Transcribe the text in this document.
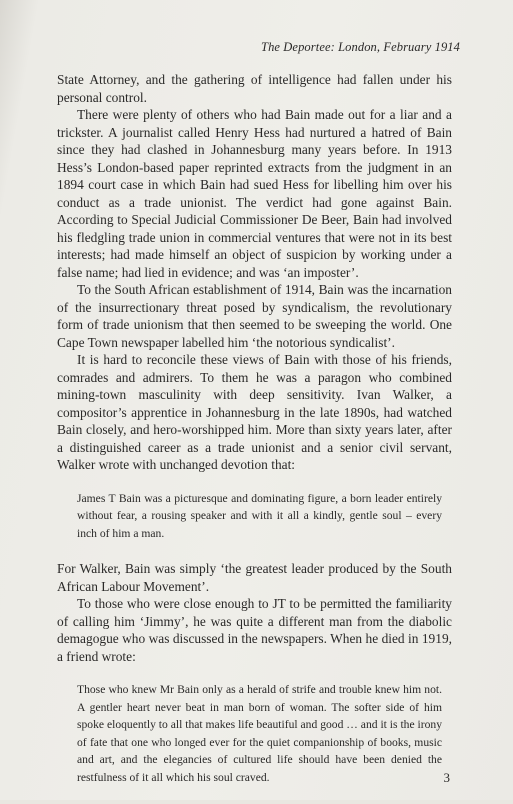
The Deportee: London, February 1914

State Attorney, and the gathering of intelligence had fallen under his personal control.

There were plenty of others who had Bain made out for a liar and a trickster. A journalist called Henry Hess had nurtured a hatred of Bain since they had clashed in Johannesburg many years before. In 1913 Hess’s London-based paper reprinted extracts from the judgment in an 1894 court case in which Bain had sued Hess for libelling him over his conduct as a trade unionist. The verdict had gone against Bain. According to Special Judicial Commissioner De Beer, Bain had involved his fledgling trade union in commercial ventures that were not in its best interests; had made himself an object of suspicion by working under a false name; had lied in evidence; and was ‘an imposter’.

To the South African establishment of 1914, Bain was the incarnation of the insurrectionary threat posed by syndicalism, the revolutionary form of trade unionism that then seemed to be sweeping the world. One Cape Town newspaper labelled him ‘the notorious syndicalist’.

It is hard to reconcile these views of Bain with those of his friends, comrades and admirers. To them he was a paragon who combined mining-town masculinity with deep sensitivity. Ivan Walker, a compositor’s apprentice in Johannesburg in the late 1890s, had watched Bain closely, and hero-worshipped him. More than sixty years later, after a distinguished career as a trade unionist and a senior civil servant, Walker wrote with unchanged devotion that:

James T Bain was a picturesque and dominating figure, a born leader entirely without fear, a rousing speaker and with it all a kindly, gentle soul – every inch of him a man.

For Walker, Bain was simply ‘the greatest leader produced by the South African Labour Movement’.

To those who were close enough to JT to be permitted the familiarity of calling him ‘Jimmy’, he was quite a different man from the diabolic demagogue who was discussed in the newspapers. When he died in 1919, a friend wrote:

Those who knew Mr Bain only as a herald of strife and trouble knew him not. A gentler heart never beat in man born of woman. The softer side of him spoke eloquently to all that makes life beautiful and good … and it is the irony of fate that one who longed ever for the quiet companionship of books, music and art, and the elegancies of cultured life should have been denied the restfulness of it all which his soul craved.	3
